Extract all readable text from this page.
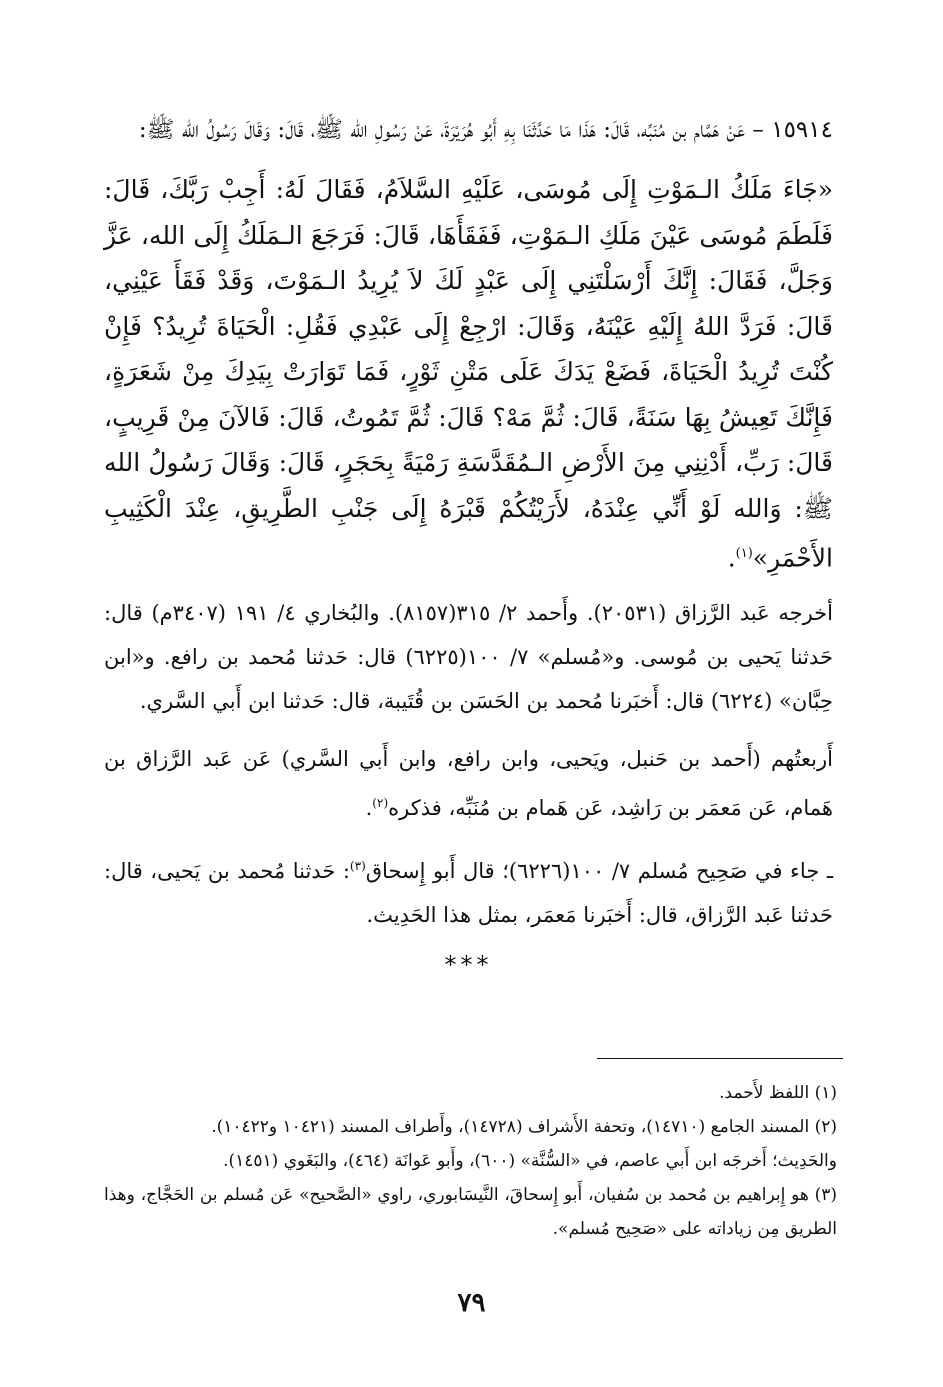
١٥٩١٤ – عَنْ هَمَّام بن مُنَبِّه، قَالَ: هَذَا مَا حَدَّثَنَا بِهِ أَبُو هُرَيْرَةَ، عَنْ رَسُولِ الله ﷺ، قَالَ: وَقَالَ رَسُولُ الله ﷺ:

«جَاءَ مَلَكُ الـمَوْتِ إِلَى مُوسَى، عَلَيْهِ السَّلاَمُ، فَقَالَ لَهُ: أَجِبْ رَبَّكَ، قَالَ: فَلَطَمَ مُوسَى عَيْنَ مَلَكِ الـمَوْتِ، فَفَقَأَهَا، قَالَ: فَرَجَعَ الـمَلَكُ إِلَى الله، عَزَّ وَجَلَّ، فَقَالَ: إِنَّكَ أَرْسَلْتَنِي إِلَى عَبْدٍ لَكَ لاَ يُرِيدُ الـمَوْتَ، وَقَدْ فَقَأَ عَيْنِي، قَالَ: فَرَدَّ اللهُ إِلَيْهِ عَيْنَهُ، وَقَالَ: ارْجِعْ إِلَى عَبْدِي فَقُلِ: الْحَيَاةَ تُرِيدُ؟ فَإِنْ كُنْتَ تُرِيدُ الْحَيَاةَ، فَضَعْ يَدَكَ عَلَى مَتْنِ ثَوْرٍ، فَمَا تَوَارَتْ بِيَدِكَ مِنْ شَعَرَةٍ، فَإِنَّكَ تَعِيشُ بِهَا سَنَةً، قَالَ: ثُمَّ مَهْ؟ قَالَ: ثُمَّ تَمُوتُ، قَالَ: فَالآنَ مِنْ قَرِيبٍ، قَالَ: رَبِّ، أَدْنِنِي مِنَ الأَرْضِ الـمُقَدَّسَةِ رَمْيَةً بِحَجَرٍ، قَالَ: وَقَالَ رَسُولُ الله ﷺ: وَالله لَوْ أَنِّي عِنْدَهُ، لأَرَيْتُكُمْ قَبْرَهُ إِلَى جَنْبِ الطَّرِيقِ، عِنْدَ الْكَثِيبِ الأَحْمَرِ»$^{(١)}$.

أخرجه عَبد الرَّزاق (٢٠٥٣١). وأَحمد ٢/ ٣١٥(٨١٥٧). والبُخاري ٤/ ١٩١ (٣٤٠٧م) قال: حَدثنا يَحيى بن مُوسى. و«مُسلم» ٧/ ١٠٠(٦٢٢٥) قال: حَدثنا مُحمد بن رافع. و«ابن حِبَّان» (٦٢٢٤) قال: أَخبَرنا مُحمد بن الحَسَن بن قُتَيبة، قال: حَدثنا ابن أَبي السَّري.

أَربعتُهم (أَحمد بن حَنبل، ويَحيى، وابن رافع، وابن أَبي السَّري) عَن عَبد الرَّزاق بن هَمام، عَن مَعمَر بن رَاشِد، عَن هَمام بن مُنَبِّه، فذكره$^{(٢)}$.

ـ جاء في صَحِيح مُسلم ٧/ ١٠٠(٦٢٢٦)؛ قال أَبو إِسحاق$^{(٣)}$: حَدثنا مُحمد بن يَحيى، قال: حَدثنا عَبد الرَّزاق، قال: أَخبَرنا مَعمَر، بمثل هذا الحَدِيث.

***

(١) اللفظ لأَحمد.

(٢) المسند الجامع (١٤٧١٠)، وتحفة الأَشراف (١٤٧٢٨)، وأَطراف المسند (١٠٤٢١ و١٠٤٢٢).

والحَدِيث؛ أَخرجَه ابن أَبي عاصم، في «السُّنَّة» (٦٠٠)، وأَبو عَوانَة (٤٦٤)، والبَغَوي (١٤٥١).

(٣) هو إِبراهيم بن مُحمد بن سُفيان، أَبو إِسحاقَ، النَّيسَابوري، راوي «الصَّحيح» عَن مُسلم بن الحَجَّاج، وهذا الطريق مِن زياداته على «صَحِيح مُسلم».

٧٩
